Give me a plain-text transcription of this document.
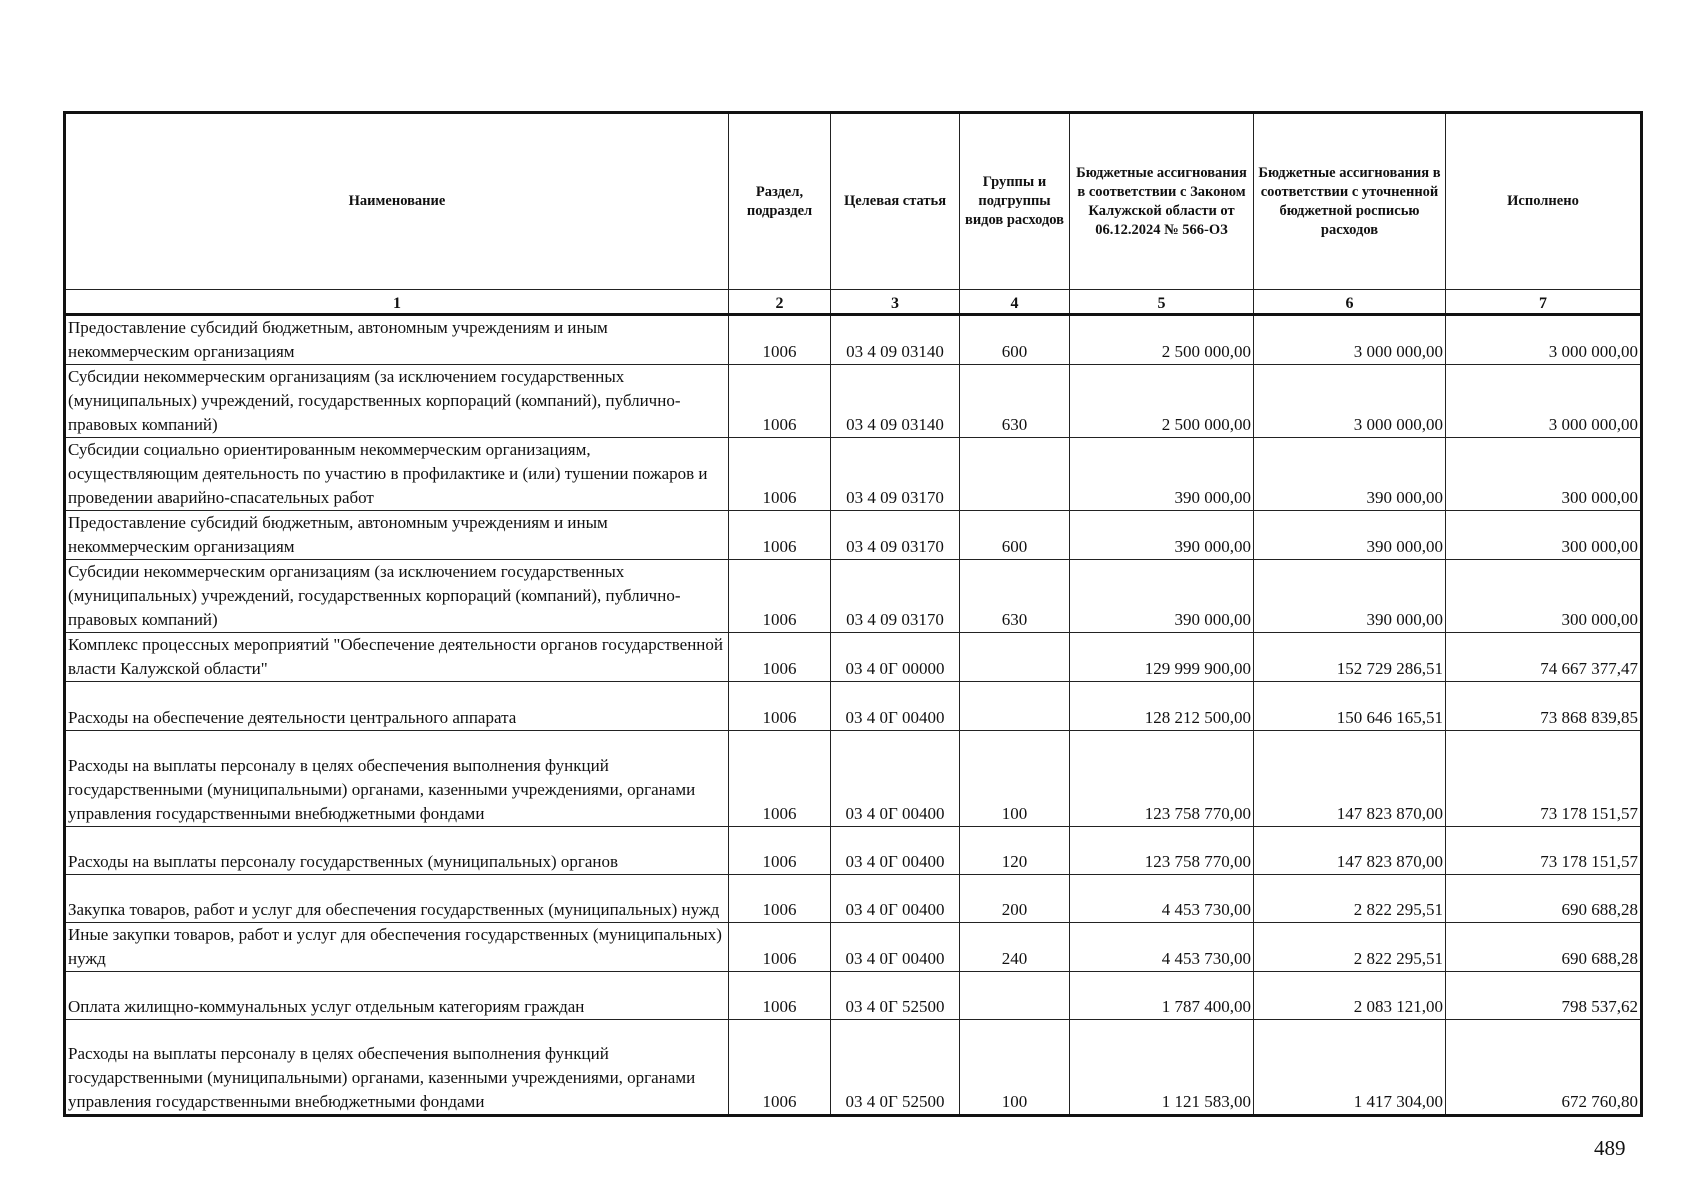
Наименование	Раздел, подраздел	Целевая статья	Группы и подгруппы видов расходов	Бюджетные ассигнования в соответствии с Законом Калужской области от 06.12.2024 № 566-ОЗ	Бюджетные ассигнования в соответствии с уточненной бюджетной росписью расходов	Исполнено
1	2	3	4	5	6	7
Предоставление субсидий бюджетным, автономным учреждениям и иным некоммерческим организациям	1006	03 4 09 03140	600	2 500 000,00	3 000 000,00	3 000 000,00
Субсидии некоммерческим организациям (за исключением государственных (муниципальных) учреждений, государственных корпораций (компаний), публично-правовых компаний)	1006	03 4 09 03140	630	2 500 000,00	3 000 000,00	3 000 000,00
Субсидии социально ориентированным некоммерческим организациям, осуществляющим деятельность по участию в профилактике и (или) тушении пожаров и проведении аварийно-спасательных работ	1006	03 4 09 03170		390 000,00	390 000,00	300 000,00
Предоставление субсидий бюджетным, автономным учреждениям и иным некоммерческим организациям	1006	03 4 09 03170	600	390 000,00	390 000,00	300 000,00
Субсидии некоммерческим организациям (за исключением государственных (муниципальных) учреждений, государственных корпораций (компаний), публично-правовых компаний)	1006	03 4 09 03170	630	390 000,00	390 000,00	300 000,00
Комплекс процессных мероприятий "Обеспечение деятельности органов государственной власти Калужской области"	1006	03 4 0Г 00000		129 999 900,00	152 729 286,51	74 667 377,47
Расходы на обеспечение деятельности центрального аппарата	1006	03 4 0Г 00400		128 212 500,00	150 646 165,51	73 868 839,85
Расходы на выплаты персоналу в целях обеспечения выполнения функций государственными (муниципальными) органами, казенными учреждениями, органами управления государственными внебюджетными фондами	1006	03 4 0Г 00400	100	123 758 770,00	147 823 870,00	73 178 151,57
Расходы на выплаты персоналу государственных (муниципальных) органов	1006	03 4 0Г 00400	120	123 758 770,00	147 823 870,00	73 178 151,57
Закупка товаров, работ и услуг для обеспечения государственных (муниципальных) нужд	1006	03 4 0Г 00400	200	4 453 730,00	2 822 295,51	690 688,28
Иные закупки товаров, работ и услуг для обеспечения государственных (муниципальных) нужд	1006	03 4 0Г 00400	240	4 453 730,00	2 822 295,51	690 688,28
Оплата жилищно-коммунальных услуг отдельным категориям граждан	1006	03 4 0Г 52500		1 787 400,00	2 083 121,00	798 537,62
Расходы на выплаты персоналу в целях обеспечения выполнения функций государственными (муниципальными) органами, казенными учреждениями, органами управления государственными внебюджетными фондами	1006	03 4 0Г 52500	100	1 121 583,00	1 417 304,00	672 760,80
489
